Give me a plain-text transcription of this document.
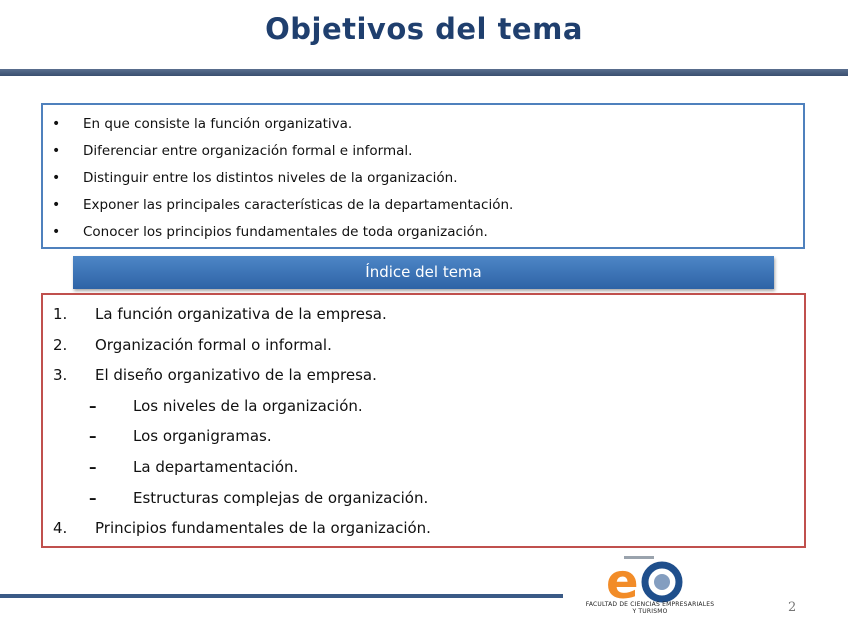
Objetivos del tema
• En que consiste la función organizativa.
• Diferenciar entre organización formal e informal.
• Distinguir entre los distintos niveles de la organización.
• Exponer las principales características de la departamentación.
• Conocer los principios fundamentales de toda organización.
Índice del tema
1. La función organizativa de la empresa.
2. Organización formal o informal.
3. El diseño organizativo de la empresa.
– Los niveles de la organización.
– Los organigramas.
– La departamentación.
– Estructuras complejas de organización.
4. Principios fundamentales de la organización.
e
FACULTAD DE CIENCIAS EMPRESARIALES
Y TURISMO	2
